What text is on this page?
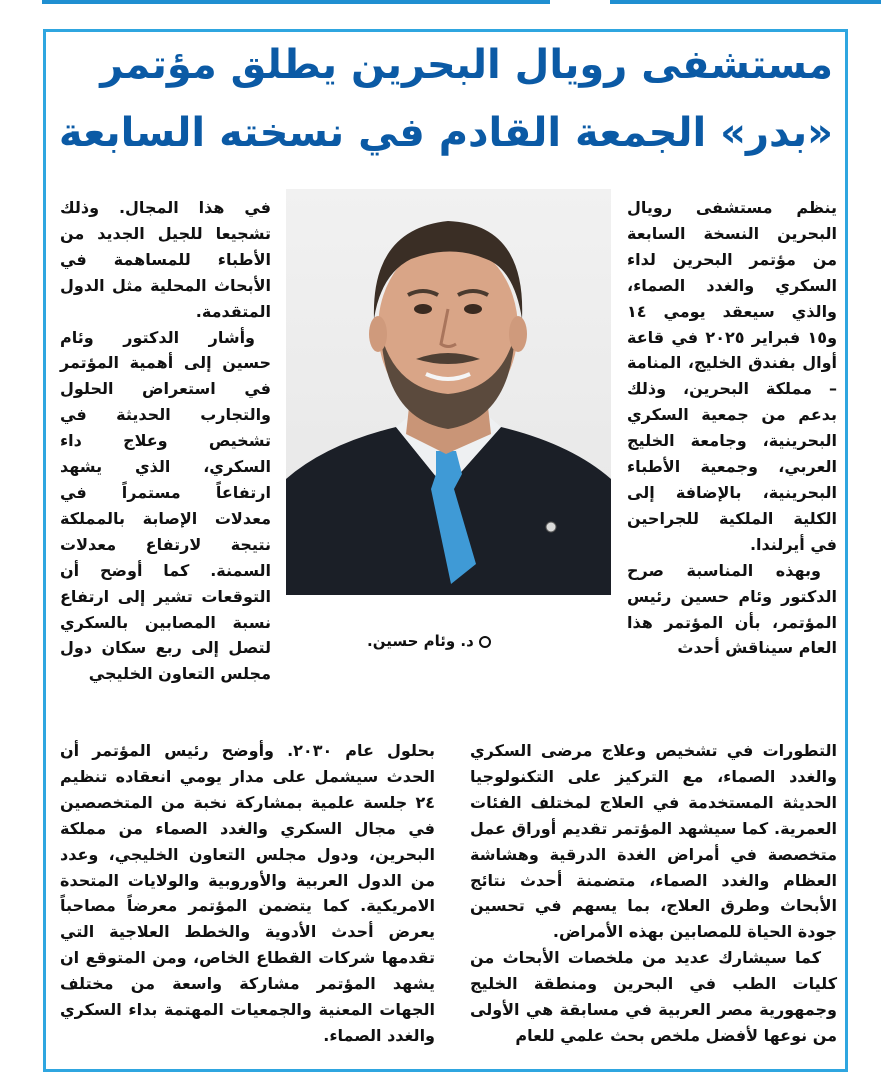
مستشفى رويال البحرين يطلق مؤتمر
«بدر» الجمعة القادم في نسخته السابعة

ينظم مستشفى رويال البحرين النسخة السابعة من مؤتمر البحرين لداء السكري والغدد الصماء، والذي سيعقد يومي ١٤ و١٥ فبراير ٢٠٢٥ في قاعة أوال بفندق الخليج، المنامة – مملكة البحرين، وذلك بدعم من جمعية السكري البحرينية، وجامعة الخليج العربي، وجمعية الأطباء البحرينية، بالإضافة إلى الكلية الملكية للجراحين في أيرلندا.

وبهذه المناسبة صرح الدكتور وئام حسين رئيس المؤتمر، بأن المؤتمر هذا العام سيناقش أحدث

د. وئام حسين.

في هذا المجال. وذلك تشجيعا للجيل الجديد من الأطباء للمساهمة في الأبحاث المحلية مثل الدول المتقدمة.

وأشار الدكتور وئام حسين إلى أهمية المؤتمر في استعراض الحلول والتجارب الحديثة في تشخيص وعلاج داء السكري، الذي يشهد ارتفاعاً مستمراً في معدلات الإصابة بالمملكة نتيجة لارتفاع معدلات السمنة. كما أوضح أن التوقعات تشير إلى ارتفاع نسبة المصابين بالسكري لتصل إلى ربع سكان دول مجلس التعاون الخليجي

التطورات في تشخيص وعلاج مرضى السكري والغدد الصماء، مع التركيز على التكنولوجيا الحديثة المستخدمة في العلاج لمختلف الفئات العمرية. كما سيشهد المؤتمر تقديم أوراق عمل متخصصة في أمراض الغدة الدرقية وهشاشة العظام والغدد الصماء، متضمنة أحدث نتائج الأبحاث وطرق العلاج، بما يسهم في تحسين جودة الحياة للمصابين بهذه الأمراض.

كما سيشارك عديد من ملخصات الأبحاث من كليات الطب في البحرين ومنطقة الخليج وجمهورية مصر العربية في مسابقة هي الأولى من نوعها لأفضل ملخص بحث علمي للعام

بحلول عام ٢٠٣٠. وأوضح رئيس المؤتمر أن الحدث سيشمل على مدار يومي انعقاده تنظيم ٢٤ جلسة علمية بمشاركة نخبة من المتخصصين في مجال السكري والغدد الصماء من مملكة البحرين، ودول مجلس التعاون الخليجي، وعدد من الدول العربية والأوروبية والولايات المتحدة الامريكية. كما يتضمن المؤتمر معرضاً مصاحباً يعرض أحدث الأدوية والخطط العلاجية التي تقدمها شركات القطاع الخاص، ومن المتوقع ان يشهد المؤتمر مشاركة واسعة من مختلف الجهات المعنية والجمعيات المهتمة بداء السكري والغدد الصماء.
